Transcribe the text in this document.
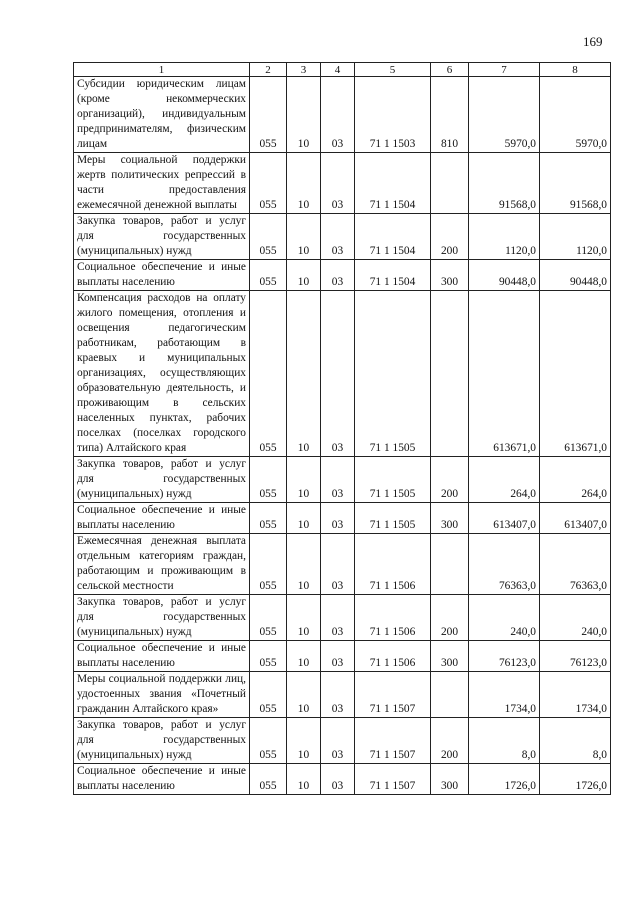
169
1	2	3	4	5	6	7	8
Субсидии юридическим лицам (кроме некоммерческих организаций), индивидуальным предпринимателям, физическим лицам	055	10	03	71 1 1503	810	5970,0	5970,0
Меры социальной поддержки жертв политических репрессий в части предоставления ежемесячной денежной выплаты	055	10	03	71 1 1504		91568,0	91568,0
Закупка товаров, работ и услуг для государственных (муниципальных) нужд	055	10	03	71 1 1504	200	1120,0	1120,0
Социальное обеспечение и иные выплаты населению	055	10	03	71 1 1504	300	90448,0	90448,0
Компенсация расходов на оплату жилого помещения, отопления и освещения педагогическим работникам, работающим в краевых и муниципальных организациях, осуществляющих образовательную деятельность, и проживающим в сельских населенных пунктах, рабочих поселках (поселках городского типа) Алтайского края	055	10	03	71 1 1505		613671,0	613671,0
Закупка товаров, работ и услуг для государственных (муниципальных) нужд	055	10	03	71 1 1505	200	264,0	264,0
Социальное обеспечение и иные выплаты населению	055	10	03	71 1 1505	300	613407,0	613407,0
Ежемесячная денежная выплата отдельным категориям граждан, работающим и проживающим в сельской местности	055	10	03	71 1 1506		76363,0	76363,0
Закупка товаров, работ и услуг для государственных (муниципальных) нужд	055	10	03	71 1 1506	200	240,0	240,0
Социальное обеспечение и иные выплаты населению	055	10	03	71 1 1506	300	76123,0	76123,0
Меры социальной поддержки лиц, удостоенных звания «Почетный гражданин Алтайского края»	055	10	03	71 1 1507		1734,0	1734,0
Закупка товаров, работ и услуг для государственных (муниципальных) нужд	055	10	03	71 1 1507	200	8,0	8,0
Социальное обеспечение и иные выплаты населению	055	10	03	71 1 1507	300	1726,0	1726,0
